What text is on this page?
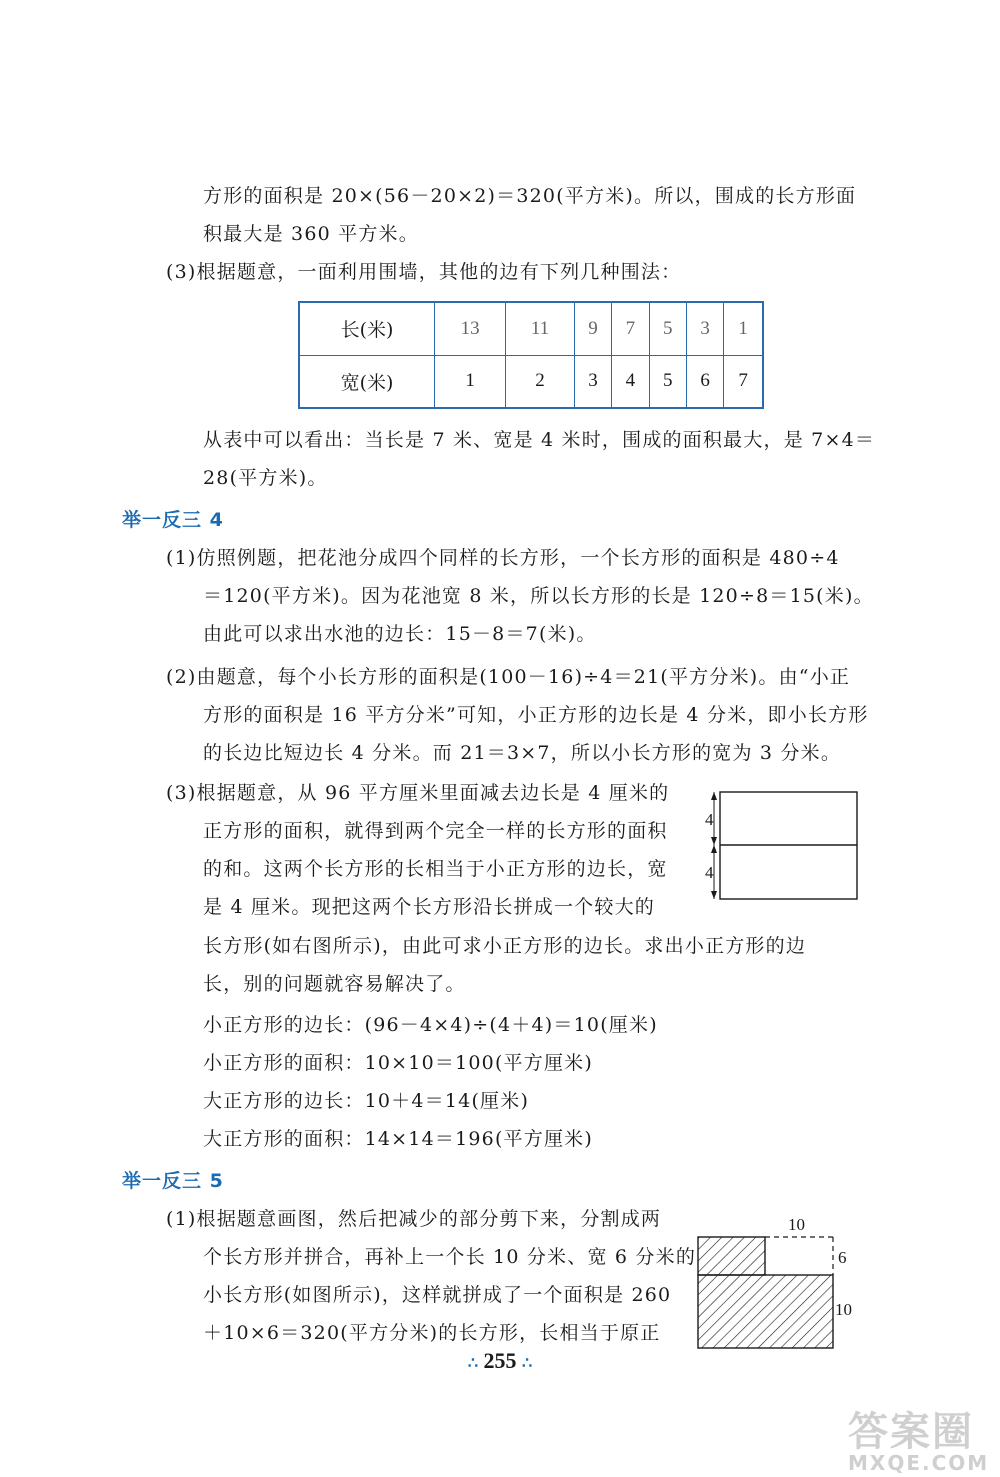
方形的面积是 20×(56－20×2)＝320(平方米)。所以，围成的长方形面
积最大是 360 平方米。
(3)根据题意，一面利用围墙，其他的边有下列几种围法：
长(米)	13	11	9	7	5	3	1
宽(米)	1	2	3	4	5	6	7
从表中可以看出：当长是 7 米、宽是 4 米时，围成的面积最大，是 7×4＝
28(平方米)。
举一反三 4
(1)仿照例题，把花池分成四个同样的长方形，一个长方形的面积是 480÷4
＝120(平方米)。因为花池宽 8 米，所以长方形的长是 120÷8＝15(米)。
由此可以求出水池的边长：15－8＝7(米)。
(2)由题意，每个小长方形的面积是(100－16)÷4＝21(平方分米)。由“小正
方形的面积是 16 平方分米”可知，小正方形的边长是 4 分米，即小长方形
的长边比短边长 4 分米。而 21＝3×7，所以小长方形的宽为 3 分米。
(3)根据题意，从 96 平方厘米里面减去边长是 4 厘米的
正方形的面积，就得到两个完全一样的长方形的面积
的和。这两个长方形的长相当于小正方形的边长，宽
是 4 厘米。现把这两个长方形沿长拼成一个较大的
长方形(如右图所示)，由此可求小正方形的边长。求出小正方形的边
长，别的问题就容易解决了。
4
4
小正方形的边长：(96－4×4)÷(4＋4)＝10(厘米)
小正方形的面积：10×10＝100(平方厘米)
大正方形的边长：10＋4＝14(厘米)
大正方形的面积：14×14＝196(平方厘米)
举一反三 5
(1)根据题意画图，然后把减少的部分剪下来，分割成两
个长方形并拼合，再补上一个长 10 分米、宽 6 分米的
小长方形(如图所示)，这样就拼成了一个面积是 260
＋10×6＝320(平方分米)的长方形，长相当于原正
10
6
10
∴ 255 ∴
答案圈
MXQE.COM
